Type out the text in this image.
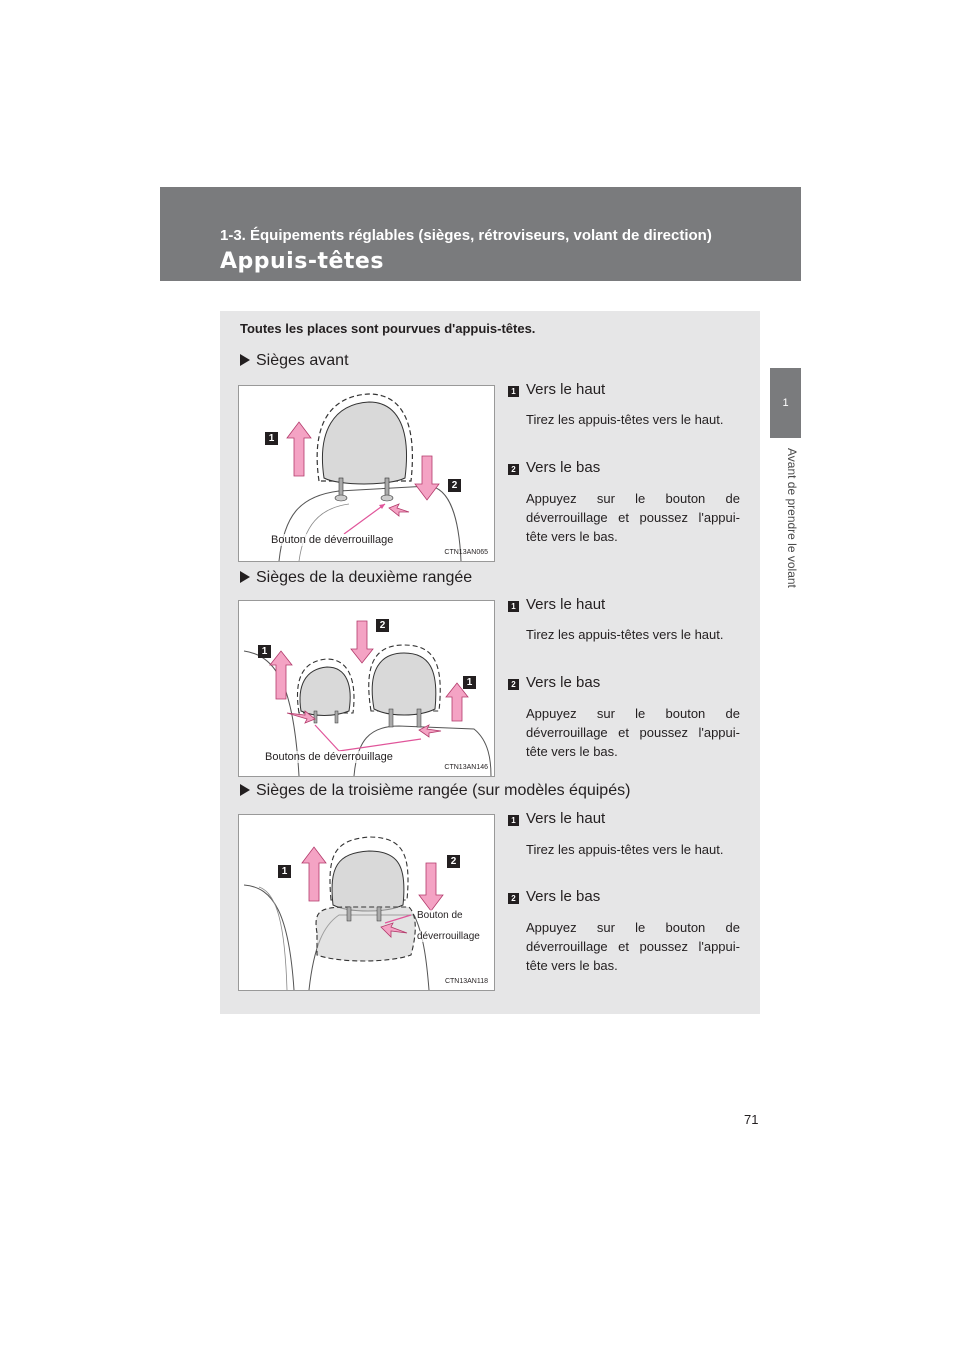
1-3. Équipements réglables (sièges, rétroviseurs, volant de direction)
Appuis-têtes
1
Avant de prendre le volant
Toutes les places sont pourvues d'appuis-têtes.
Sièges avant
1
2
Bouton de déverrouillage
CTN13AN065
1 Vers le haut
Tirez les appuis-têtes vers le haut.
2 Vers le bas
Appuyez sur le bouton de déverrouillage et poussez l'appui-tête vers le bas.
Sièges de la deuxième rangée
1
2
1
Boutons de déverrouillage
CTN13AN146
1 Vers le haut
Tirez les appuis-têtes vers le haut.
2 Vers le bas
Appuyez sur le bouton de déverrouillage et poussez l'appui-tête vers le bas.
Sièges de la troisième rangée (sur modèles équipés)
1
2
Bouton de
déverrouillage
CTN13AN118
1 Vers le haut
Tirez les appuis-têtes vers le haut.
2 Vers le bas
Appuyez sur le bouton de déverrouillage et poussez l'appui-tête vers le bas.
71
